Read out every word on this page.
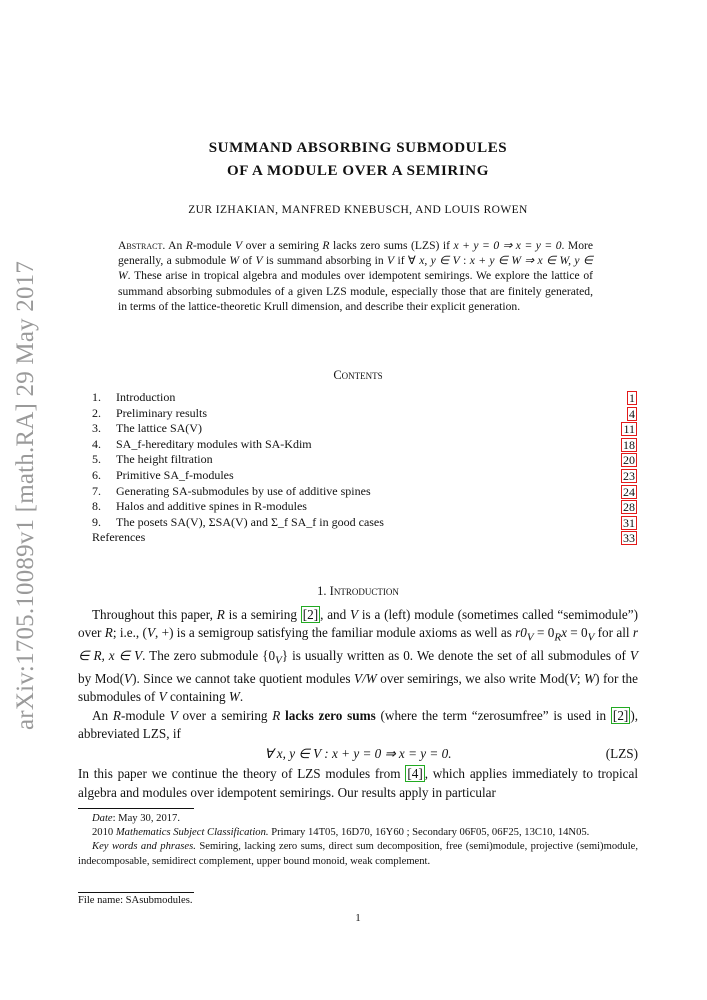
arXiv:1705.10089v1 [math.RA] 29 May 2017
SUMMAND ABSORBING SUBMODULES
OF A MODULE OVER A SEMIRING
ZUR IZHAKIAN, MANFRED KNEBUSCH, AND LOUIS ROWEN
Abstract. An R-module V over a semiring R lacks zero sums (LZS) if x + y = 0 ⇒ x = y = 0. More generally, a submodule W of V is summand absorbing in V if ∀ x, y ∈ V : x + y ∈ W ⇒ x ∈ W, y ∈ W. These arise in tropical algebra and modules over idempotent semirings. We explore the lattice of summand absorbing submodules of a given LZS module, especially those that are finitely generated, in terms of the lattice-theoretic Krull dimension, and describe their explicit generation.
Contents
1. Introduction	1
2. Preliminary results	4
3. The lattice SA(V)	11
4. SA_f-hereditary modules with SA-Kdim	18
5. The height filtration	20
6. Primitive SA_f-modules	23
7. Generating SA-submodules by use of additive spines	24
8. Halos and additive spines in R-modules	28
9. The posets SA(V), ΣSA(V) and Σ_f SA_f in good cases	31
References	33
1. Introduction

Throughout this paper, R is a semiring [2] , and V is a (left) module (sometimes called “semimodule”) over R; i.e., (V, +) is a semigroup satisfying the familiar module axioms as well as $r0_V = 0_Rx = 0_V$ for all r ∈ R, x ∈ V. The zero submodule $\{0_V\}$ is usually written as 0. We denote the set of all submodules of V by Mod(V). Since we cannot take quotient modules V/W over semirings, we also write Mod(V; W) for the submodules of V containing W.

An R-module V over a semiring R lacks zero sums (where the term “zerosumfree” is used in [2] ), abbreviated LZS, if

∀ x, y ∈ V : x + y = 0 ⇒ x = y = 0.	(LZS)

In this paper we continue the theory of LZS modules from [4] , which applies immediately to tropical algebra and modules over idempotent semirings. Our results apply in particular

Date: May 30, 2017.

2010 Mathematics Subject Classification. Primary 14T05, 16D70, 16Y60 ; Secondary 06F05, 06F25, 13C10, 14N05.

Key words and phrases. Semiring, lacking zero sums, direct sum decomposition, free (semi)module, projective (semi)module, indecomposable, semidirect complement, upper bound monoid, weak complement.

File name: SAsubmodules.
1
